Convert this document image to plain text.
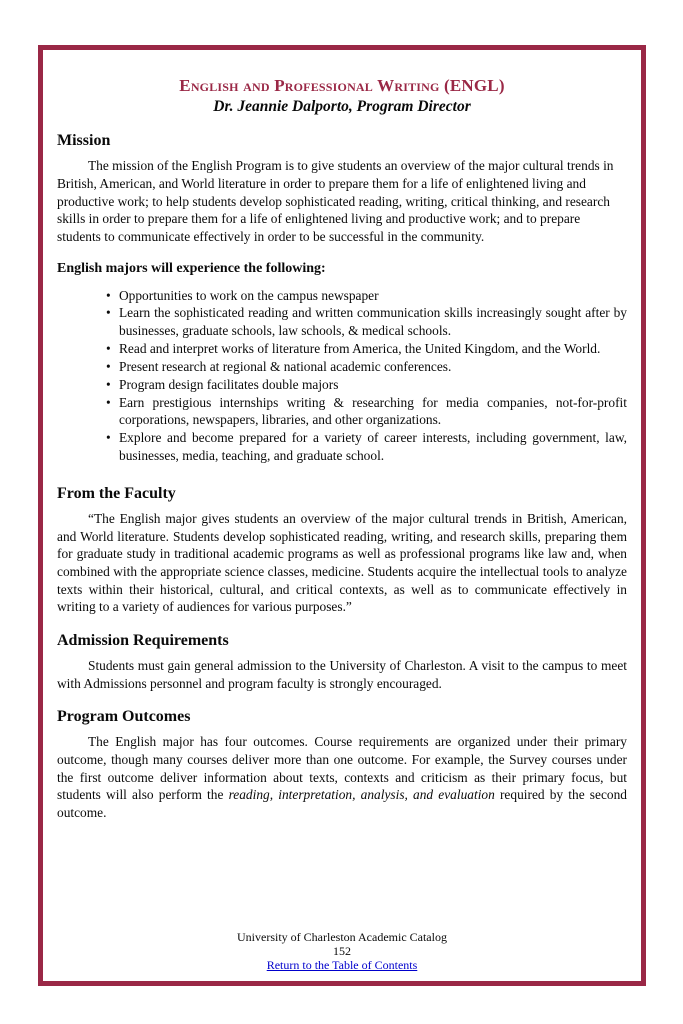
English and Professional Writing (ENGL)
Dr. Jeannie Dalporto, Program Director
Mission

The mission of the English Program is to give students an overview of the major cultural trends in British, American, and World literature in order to prepare them for a life of enlightened living and productive work; to help students develop sophisticated reading, writing, critical thinking, and research skills in order to prepare them for a life of enlightened living and productive work; and to prepare students to communicate effectively in order to be successful in the community.

English majors will experience the following:
• Opportunities to work on the campus newspaper
• Learn the sophisticated reading and written communication skills increasingly sought after by businesses, graduate schools, law schools, & medical schools.
• Read and interpret works of literature from America, the United Kingdom, and the World.
• Present research at regional & national academic conferences.
• Program design facilitates double majors
• Earn prestigious internships writing & researching for media companies, not-for-profit corporations, newspapers, libraries, and other organizations.
• Explore and become prepared for a variety of career interests, including government, law, businesses, media, teaching, and graduate school.
From the Faculty

“The English major gives students an overview of the major cultural trends in British, American, and World literature. Students develop sophisticated reading, writing, and research skills, preparing them for graduate study in traditional academic programs as well as professional programs like law and, when combined with the appropriate science classes, medicine. Students acquire the intellectual tools to analyze texts within their historical, cultural, and critical contexts, as well as to communicate effectively in writing to a variety of audiences for various purposes.”

Admission Requirements

Students must gain general admission to the University of Charleston. A visit to the campus to meet with Admissions personnel and program faculty is strongly encouraged.

Program Outcomes

The English major has four outcomes. Course requirements are organized under their primary outcome, though many courses deliver more than one outcome. For example, the Survey courses under the first outcome deliver information about texts, contexts and criticism as their primary focus, but students will also perform the reading, interpretation, analysis, and evaluation required by the second outcome.

University of Charleston Academic Catalog
152
Return to the Table of Contents
